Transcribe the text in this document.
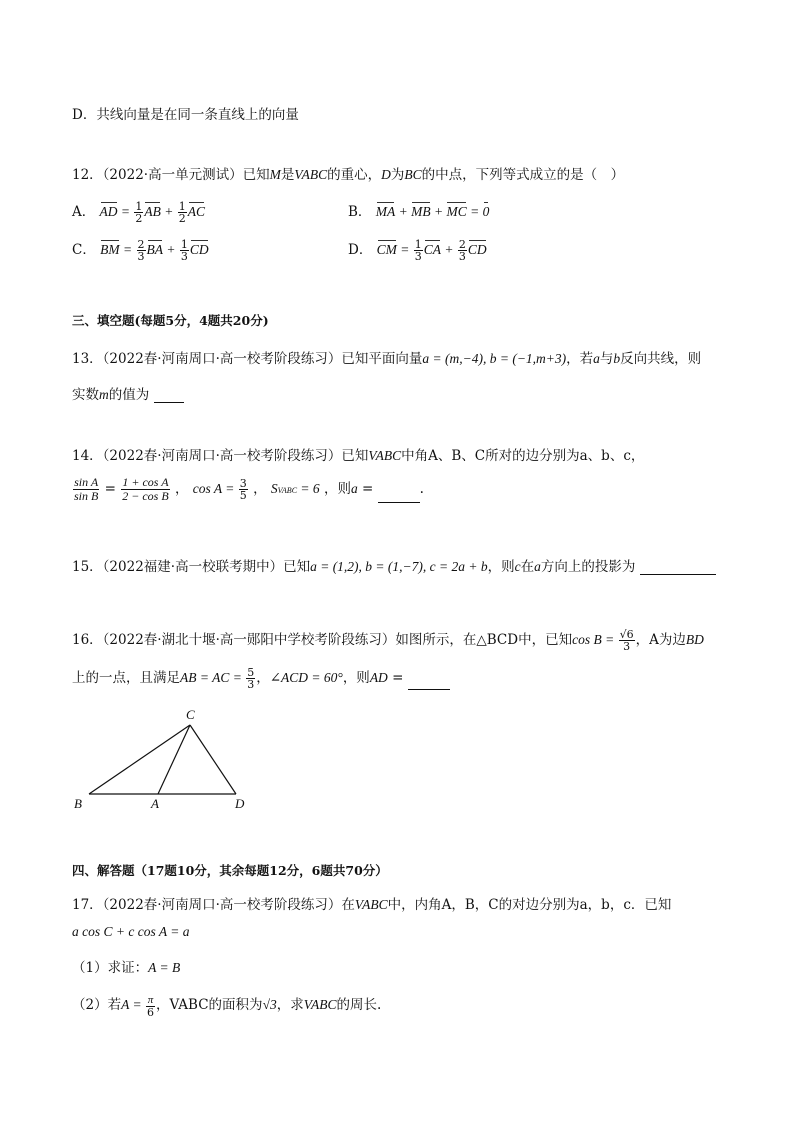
D．共线向量是在同一条直线上的向量
12．（2022·高一单元测试）已知M是VABC的重心，D为BC的中点，下列等式成立的是（　）
A． AD = $\frac{1}{2}$ AB + $\frac{1}{2}$ AC	B． MA + MB + MC = 0
C． BM = $\frac{2}{3}$ BA + $\frac{1}{3}$ CD	D． CM = $\frac{1}{3}$ CA + $\frac{2}{3}$ CD
三、填空题(每题5分，4题共20分)
13．（2022春·河南周口·高一校考阶段练习）已知平面向量a = (m,−4), b = (−1,m+3)，若a与b反向共线，则
实数m的值为
14．（2022春·河南周口·高一校考阶段练习）已知VABC中角A、B、C所对的边分别为a、b、c，
$\frac{\text{sin A}}{\text{sin B}} = \frac{\text{1 + cos A}}{\text{2 − cos B}}$ ， $\cos A = \frac{3}{5}$ ， SVABC = 6 ，则a =	.
15．（2022福建·高一校联考期中）已知a = (1,2), b = (1,−7), c = 2a + b，则c在a方向上的投影为
16．（2022春·湖北十堰·高一郧阳中学校考阶段练习）如图所示，在△BCD中，已知$\cos B = \frac{√6}{3}$ ，A为边BD
上的一点，且满足AB = AC = $\frac{5}{3}$ ，∠ACD = 60°，则AD =
C
B	A	D
四、解答题（17题10分，其余每题12分，6题共70分）
17．（2022春·河南周口·高一校考阶段练习）在VABC中，内角A，B，C的对边分别为a，b，c．已知
a cos C + c cos A = a
（1）求证：A = B
（2）若$A = \frac{\pi}{6}$ ，VABC的面积为√3，求VABC的周长.
